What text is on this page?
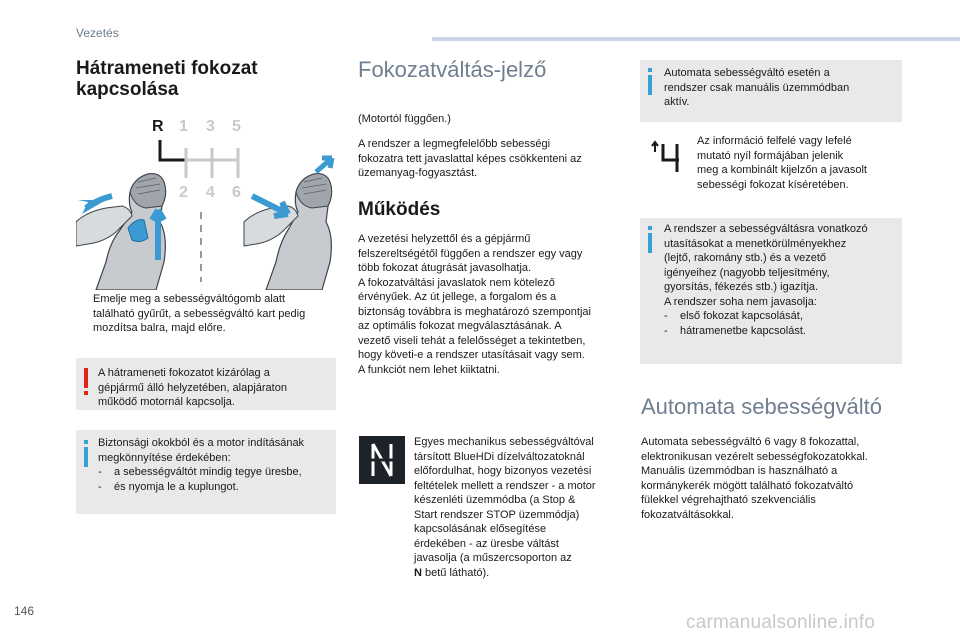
Vezetés
Hátrameneti fokozat
kapcsolása
R 1 3 5
2 4 6
Emelje meg a sebességváltógomb alatt
található gyűrűt, a sebességváltó kart pedig
mozdítsa balra, majd előre.
A hátrameneti fokozatot kizárólag a
gépjármű álló helyzetében, alapjáraton
működő motornál kapcsolja.
Biztonsági okokból és a motor indításának
megkönnyítése érdekében:
-	a sebességváltót mindig tegye üresbe,
-	és nyomja le a kuplungot.
Fokozatváltás-jelző
(Motortól függően.)
A rendszer a legmegfelelőbb sebességi
fokozatra tett javaslattal képes csökkenteni az
üzemanyag-fogyasztást.
Működés
A vezetési helyzettől és a gépjármű
felszereltségétől függően a rendszer egy vagy
több fokozat átugrását javasolhatja.
A fokozatváltási javaslatok nem kötelező
érvényűek. Az út jellege, a forgalom és a
biztonság továbbra is meghatározó szempontjai
az optimális fokozat megválasztásának. A
vezető viseli tehát a felelősséget a tekintetben,
hogy követi-e a rendszer utasításait vagy sem.
A funkciót nem lehet kiiktatni.
Egyes mechanikus sebességváltóval
társított BlueHDi dízelváltozatoknál
előfordulhat, hogy bizonyos vezetési
feltételek mellett a rendszer - a motor
készenléti üzemmódba (a Stop &
Start rendszer STOP üzemmódja)
kapcsolásának elősegítése
érdekében - az üresbe váltást
javasolja (a műszercsoporton az
N betű látható).
Automata sebességváltó esetén a
rendszer csak manuális üzemmódban
aktív.
Az információ felfelé vagy lefelé
mutató nyíl formájában jelenik
meg a kombinált kijelzőn a javasolt
sebességi fokozat kíséretében.
A rendszer a sebességváltásra vonatkozó
utasításokat a menetkörülményekhez
(lejtő, rakomány stb.) és a vezető
igényeihez (nagyobb teljesítmény,
gyorsítás, fékezés stb.) igazítja.
A rendszer soha nem javasolja:
-	első fokozat kapcsolását,
-	hátramenetbe kapcsolást.
Automata sebességváltó
Automata sebességváltó 6 vagy 8 fokozattal,
elektronikusan vezérelt sebességfokozatokkal.
Manuális üzemmódban is használható a
kormánykerék mögött található fokozatváltó
fülekkel végrehajtható szekvenciális
fokozatváltásokkal.
146
carmanualsonline.info
